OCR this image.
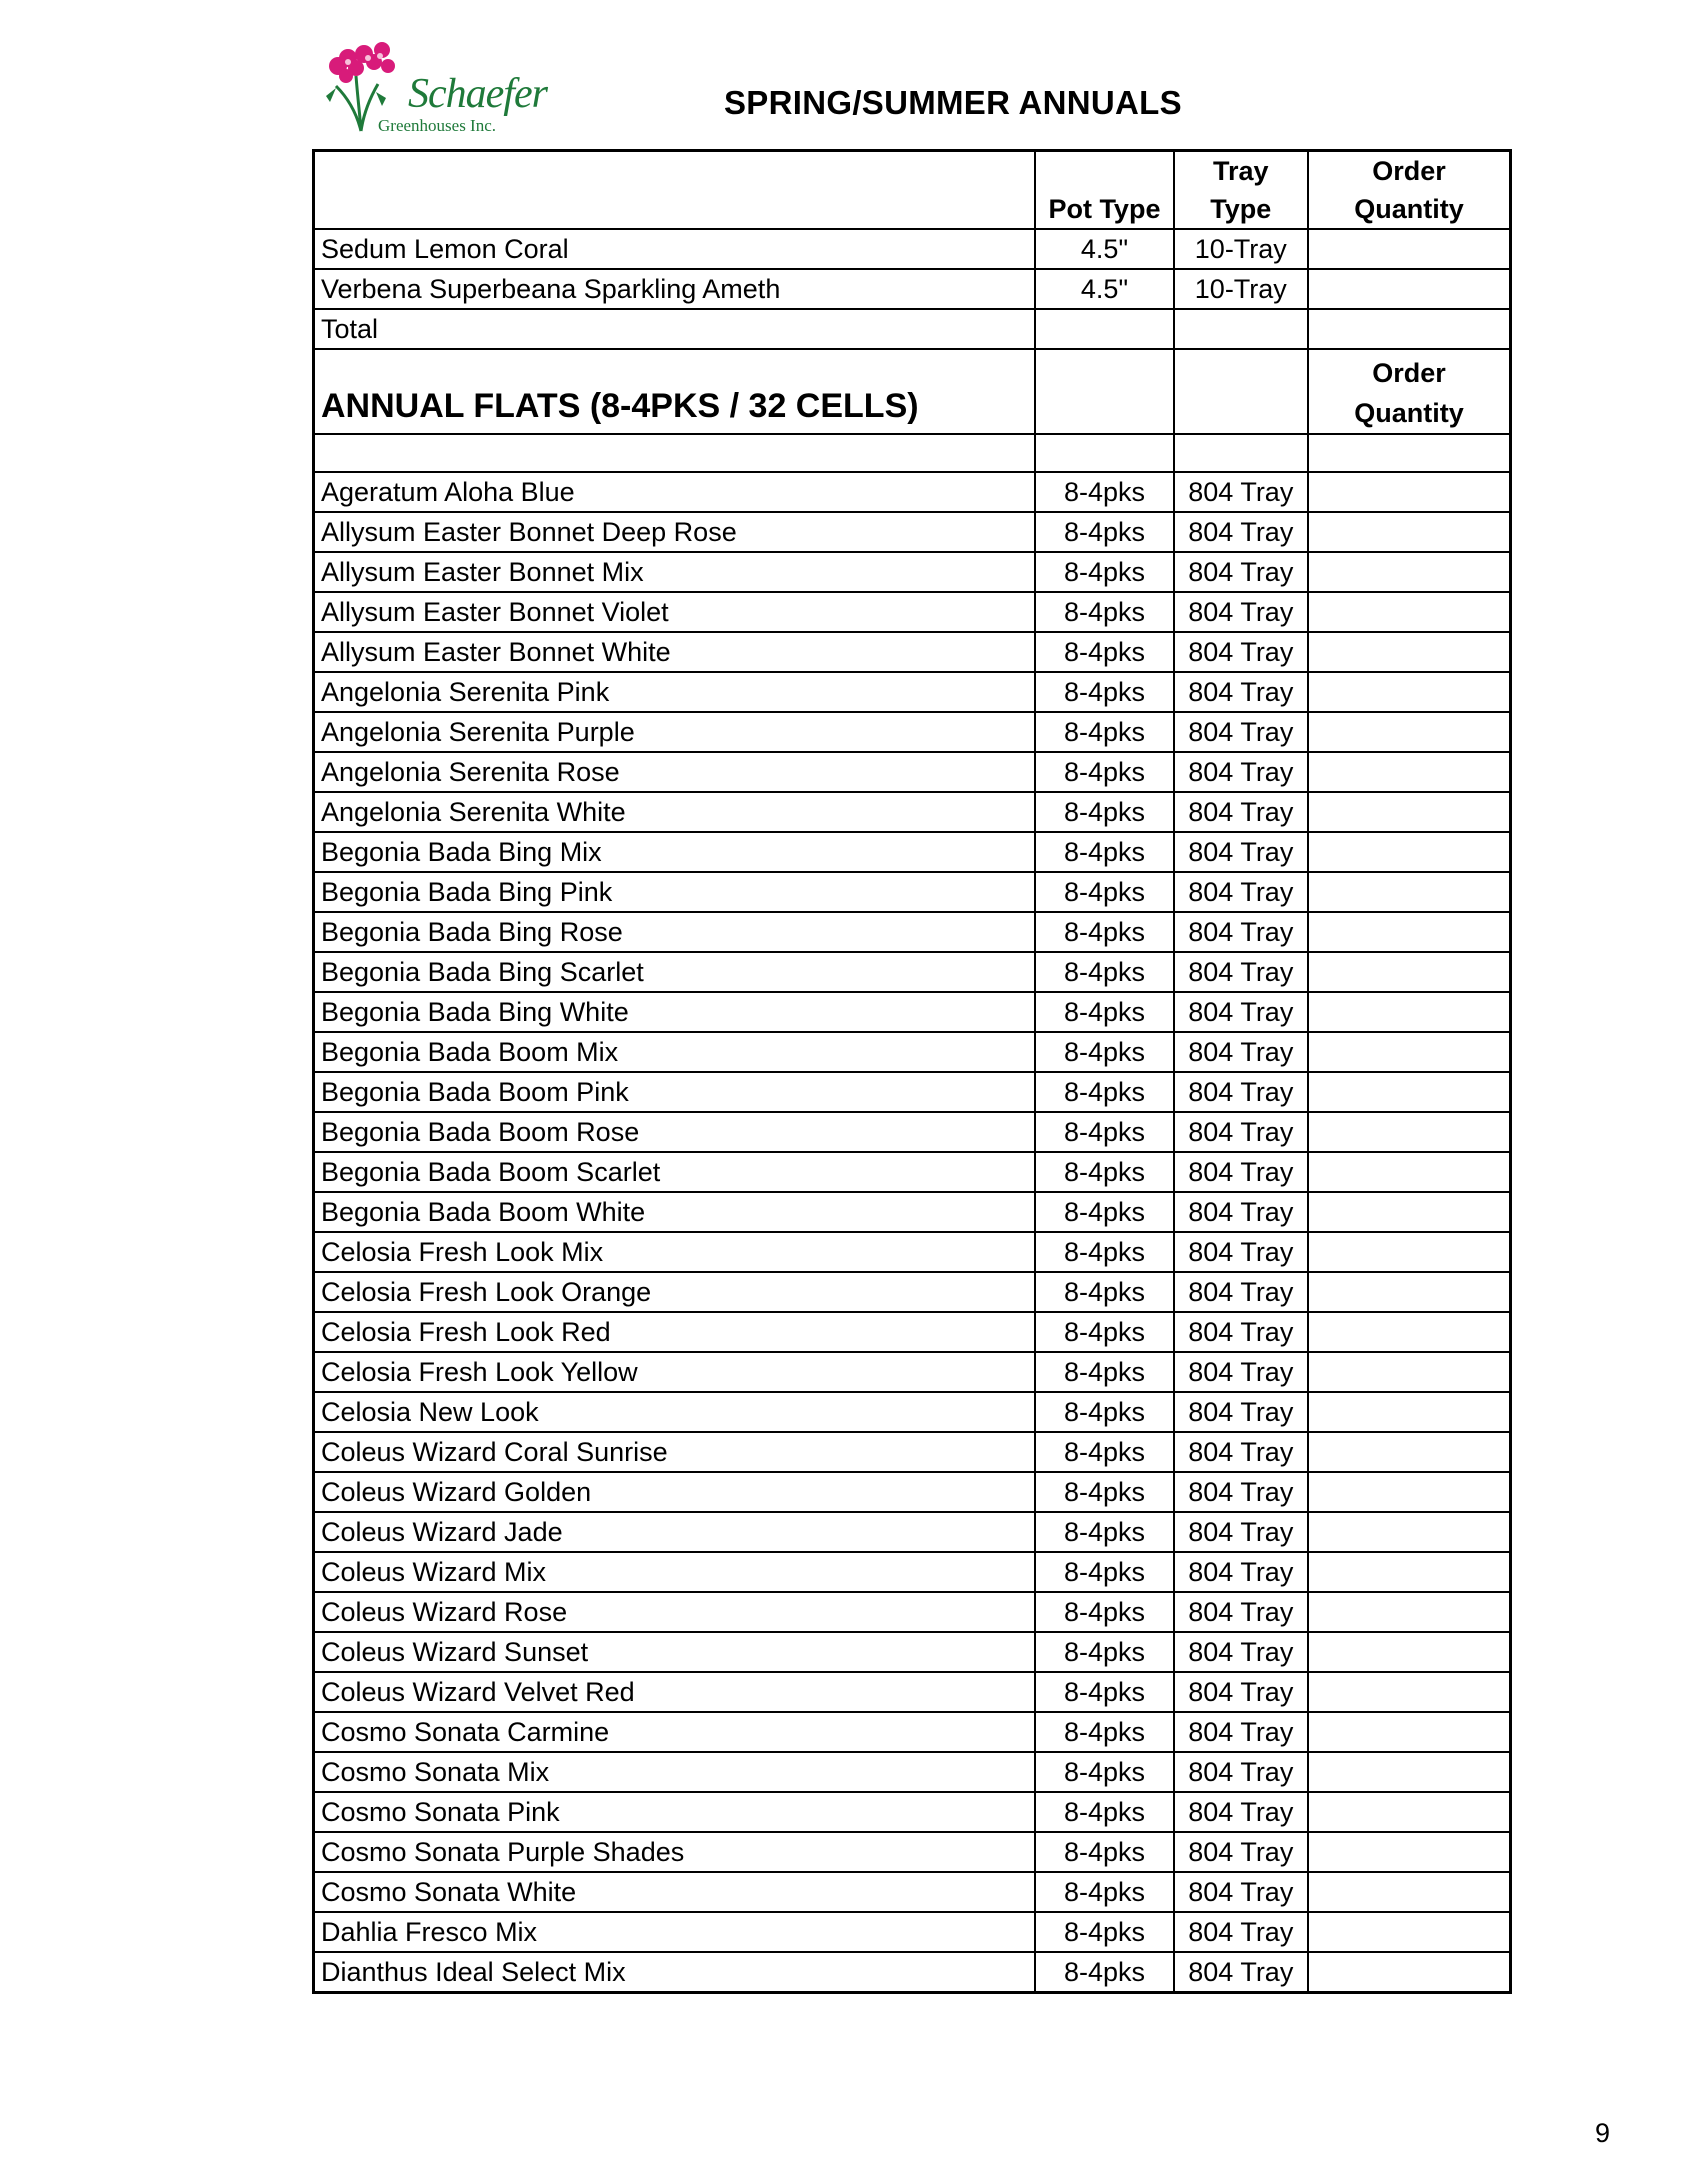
Schaefer
Greenhouses Inc.
SPRING/SUMMER ANNUALS
	Pot Type	Tray Type	Order Quantity
Sedum Lemon Coral	4.5"	10-Tray	
Verbena Superbeana Sparkling Ameth	4.5"	10-Tray	
Total			
ANNUAL FLATS (8-4PKS / 32 CELLS)			Order Quantity

Ageratum Aloha Blue	8-4pks	804 Tray	
Allysum Easter Bonnet Deep Rose	8-4pks	804 Tray	
Allysum Easter Bonnet Mix	8-4pks	804 Tray	
Allysum Easter Bonnet Violet	8-4pks	804 Tray	
Allysum Easter Bonnet White	8-4pks	804 Tray	
Angelonia Serenita Pink	8-4pks	804 Tray	
Angelonia Serenita Purple	8-4pks	804 Tray	
Angelonia Serenita Rose	8-4pks	804 Tray	
Angelonia Serenita White	8-4pks	804 Tray	
Begonia Bada Bing Mix	8-4pks	804 Tray	
Begonia Bada Bing Pink	8-4pks	804 Tray	
Begonia Bada Bing Rose	8-4pks	804 Tray	
Begonia Bada Bing Scarlet	8-4pks	804 Tray	
Begonia Bada Bing White	8-4pks	804 Tray	
Begonia Bada Boom Mix	8-4pks	804 Tray	
Begonia Bada Boom Pink	8-4pks	804 Tray	
Begonia Bada Boom Rose	8-4pks	804 Tray	
Begonia Bada Boom Scarlet	8-4pks	804 Tray	
Begonia Bada Boom White	8-4pks	804 Tray	
Celosia Fresh Look Mix	8-4pks	804 Tray	
Celosia Fresh Look Orange	8-4pks	804 Tray	
Celosia Fresh Look Red	8-4pks	804 Tray	
Celosia Fresh Look Yellow	8-4pks	804 Tray	
Celosia New Look	8-4pks	804 Tray	
Coleus Wizard Coral Sunrise	8-4pks	804 Tray	
Coleus Wizard Golden	8-4pks	804 Tray	
Coleus Wizard Jade	8-4pks	804 Tray	
Coleus Wizard Mix	8-4pks	804 Tray	
Coleus Wizard Rose	8-4pks	804 Tray	
Coleus Wizard Sunset	8-4pks	804 Tray	
Coleus Wizard Velvet Red	8-4pks	804 Tray	
Cosmo Sonata Carmine	8-4pks	804 Tray	
Cosmo Sonata Mix	8-4pks	804 Tray	
Cosmo Sonata Pink	8-4pks	804 Tray	
Cosmo Sonata Purple Shades	8-4pks	804 Tray	
Cosmo Sonata White	8-4pks	804 Tray	
Dahlia Fresco Mix	8-4pks	804 Tray	
Dianthus Ideal Select Mix	8-4pks	804 Tray	
9
